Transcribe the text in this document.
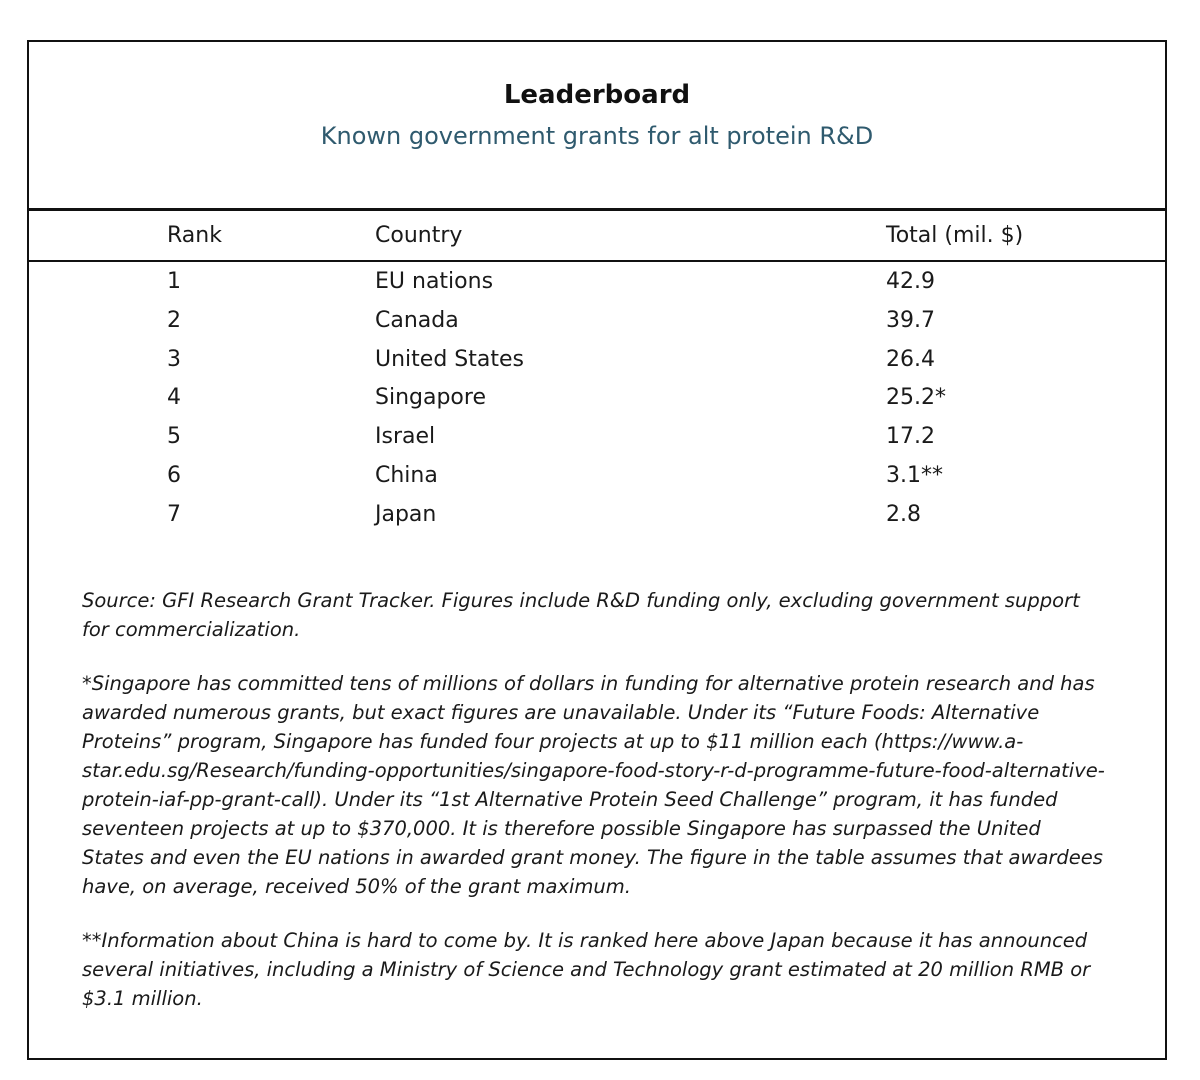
Leaderboard
Known government grants for alt protein R&D
Rank	Country	Total (mil. $)
1	EU nations	42.9
2	Canada	39.7
3	United States	26.4
4	Singapore	25.2*
5	Israel	17.2
6	China	3.1**
7	Japan	2.8

Source: GFI Research Grant Tracker. Figures include R&D funding only, excluding government support for commercialization.

*Singapore has committed tens of millions of dollars in funding for alternative protein research and has awarded numerous grants, but exact figures are unavailable. Under its “Future Foods: Alternative Proteins” program, Singapore has funded four projects at up to $11 million each (https://www.a-star.edu.sg/Research/funding-opportunities/singapore-food-story-r-d-programme-future-food-alternative-protein-iaf-pp-grant-call). Under its “1st Alternative Protein Seed Challenge” program, it has funded seventeen projects at up to $370,000. It is therefore possible Singapore has surpassed the United States and even the EU nations in awarded grant money. The figure in the table assumes that awardees have, on average, received 50% of the grant maximum.

**Information about China is hard to come by. It is ranked here above Japan because it has announced several initiatives, including a Ministry of Science and Technology grant estimated at 20 million RMB or $3.1 million.
